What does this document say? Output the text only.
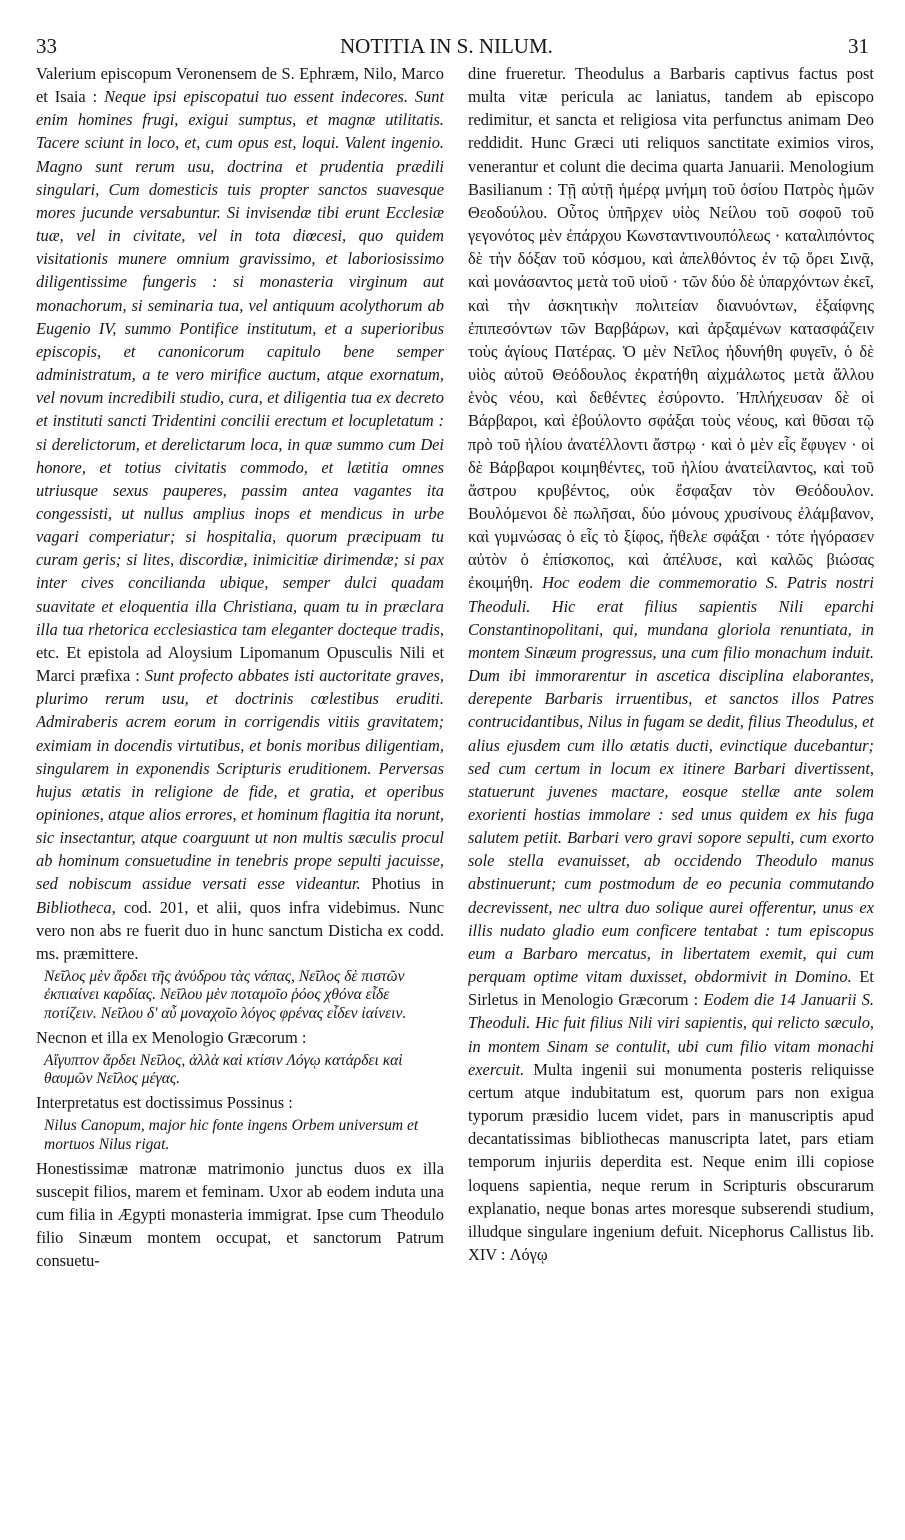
33	NOTITIA IN S. NILUM.	31

Valerium episcopum Veronensem de S. Ephræm, Nilo, Marco et Isaia : Neque ipsi episcopatui tuo essent indecores. Sunt enim homines frugi, exigui sumptus, et magnæ utilitatis. Tacere sciunt in loco, et, cum opus est, loqui. Valent ingenio. Magno sunt rerum usu, doctrina et prudentia prædili singulari, Cum domesticis tuis propter sanctos suavesque mores jucunde versabuntur. Si invisendæ tibi erunt Ecclesiæ tuæ, vel in civitate, vel in tota diœcesi, quo quidem visitationis munere omnium gravissimo, et laboriosissimo diligentissime fungeris : si monasteria virginum aut monachorum, si seminaria tua, vel antiquum acolythorum ab Eugenio IV, summo Pontifice institutum, et a superioribus episcopis, et canonicorum capitulo bene semper administratum, a te vero mirifice auctum, atque exornatum, vel novum incredibili studio, cura, et diligentia tua ex decreto et instituti sancti Tridentini concilii erectum et locupletatum : si derelictorum, et derelictarum loca, in quæ summo cum Dei honore, et totius civitatis commodo, et lætitia omnes utriusque sexus pauperes, passim antea vagantes ita congessisti, ut nullus amplius inops et mendicus in urbe vagari comperiatur; si hospitalia, quorum præcipuam tu curam geris; si lites, discordiæ, inimicitiæ dirimendæ; si pax inter cives concilianda ubique, semper dulci quadam suavitate et eloquentia illa Christiana, quam tu in præclara illa tua rhetorica ecclesiastica tam eleganter docteque tradis, etc. Et epistola ad Aloysium Lipomanum Opusculis Nili et Marci præfixa : Sunt profecto abbates isti auctoritate graves, plurimo rerum usu, et doctrinis cœlestibus eruditi. Admiraberis acrem eorum in corrigendis vitiis gravitatem; eximiam in docendis virtutibus, et bonis moribus diligentiam, singularem in exponendis Scripturis eruditionem. Perversas hujus ætatis in religione de fide, et gratia, et operibus opiniones, atque alios errores, et hominum flagitia ita norunt, sic insectantur, atque coarguunt ut non multis sæculis procul ab hominum consuetudine in tenebris prope sepulti jacuisse, sed nobiscum assidue versati esse videantur. Photius in Bibliotheca, cod. 201, et alii, quos infra videbimus. Nunc vero non abs re fuerit duo in hunc sanctum Disticha ex codd. ms. præmittere.

Νεῖλος μὲν ἄρδει τῆς ἀνύδρου τὰς νάπας, Νεῖλος δὲ πιστῶν ἐκπιαίνει καρδίας. Νεῖλου μὲν ποταμοῖο ῥόος χθόνα εἶδε ποτίζειν. Νεῖλου δ' αὖ μοναχοῖο λόγος φρένας εἶδεν ἰαίνειν.

Necnon et illa ex Menologio Græcorum :

Αἴγυπτον ἄρδει Νεῖλος, ἀλλὰ καὶ κτίσιν Λόγῳ κατάρδει καὶ θαυμῶν Νεῖλος μέγας.

Interpretatus est doctissimus Possinus :

Nilus Canopum, major hic fonte ingens Orbem universum et mortuos Nilus rigat.

Honestissimæ matronæ matrimonio junctus duos ex illa suscepit filios, marem et feminam. Uxor ab eodem induta una cum filia in Ægypti monasteria immigrat. Ipse cum Theodulo filio Sinæum montem occupat, et sanctorum Patrum consuetu-

dine frueretur. Theodulus a Barbaris captivus factus post multa vitæ pericula ac laniatus, tandem ab episcopo redimitur, et sancta et religiosa vita perfunctus animam Deo reddidit. Hunc Græci uti reliquos sanctitate eximios viros, venerantur et colunt die decima quarta Januarii. Menologium Basilianum : Τῇ αὐτῇ ἡμέρᾳ μνήμη τοῦ ὁσίου Πατρὸς ἡμῶν Θεοδούλου. Οὗτος ὑπῆρχεν υἱὸς Νείλου τοῦ σοφοῦ τοῦ γεγονότος μὲν ἐπάρχου Κωνσταντινουπόλεως · καταλιπόντος δὲ τὴν δόξαν τοῦ κόσμου, καὶ ἀπελθόντος ἐν τῷ ὄρει Σινᾷ, καὶ μονάσαντος μετὰ τοῦ υἱοῦ · τῶν δύο δὲ ὑπαρχόντων ἐκεῖ, καὶ τὴν ἀσκητικὴν πολιτείαν διανυόντων, ἐξαίφνης ἐπιπεσόντων τῶν Βαρβάρων, καὶ ἀρξαμένων κατασφάζειν τοὺς ἁγίους Πατέρας. Ὁ μὲν Νεῖλος ἠδυνήθη φυγεῖν, ὁ δὲ υἱὸς αὐτοῦ Θεόδουλος ἐκρατήθη αἰχμάλωτος μετὰ ἄλλου ἑνὸς νέου, καὶ δεθέντες ἐσύροντο. Ἠπλήχευσαν δὲ οἱ Βάρβαροι, καὶ ἐβούλοντο σφάξαι τοὺς νέους, καὶ θῦσαι τῷ πρὸ τοῦ ἡλίου ἀνατέλλοντι ἄστρῳ · καὶ ὁ μὲν εἷς ἔφυγεν · οἱ δὲ Βάρβαροι κοιμηθέντες, τοῦ ἡλίου ἀνατείλαντος, καὶ τοῦ ἄστρου κρυβέντος, οὐκ ἔσφαξαν τὸν Θεόδουλον. Βουλόμενοι δὲ πωλῆσαι, δύο μόνους χρυσίνους ἐλάμβανον, καὶ γυμνώσας ὁ εἷς τὸ ξίφος, ἤθελε σφάξαι · τότε ἠγόρασεν αὐτὸν ὁ ἐπίσκοπος, καὶ ἀπέλυσε, καὶ καλῶς βιώσας ἐκοιμήθη. Hoc eodem die commemoratio S. Patris nostri Theoduli. Hic erat filius sapientis Nili eparchi Constantinopolitani, qui, mundana gloriola renuntiata, in montem Sinæum progressus, una cum filio monachum induit. Dum ibi immorarentur in ascetica disciplina elaborantes, derepente Barbaris irruentibus, et sanctos illos Patres contrucidantibus, Nilus in fugam se dedit, filius Theodulus, et alius ejusdem cum illo ætatis ducti, evinctique ducebantur; sed cum certum in locum ex itinere Barbari divertissent, statuerunt juvenes mactare, eosque stellæ ante solem exorienti hostias immolare : sed unus quidem ex his fuga salutem petiit. Barbari vero gravi sopore sepulti, cum exorto sole stella evanuisset, ab occidendo Theodulo manus abstinuerunt; cum postmodum de eo pecunia commutando decrevissent, nec ultra duo solique aurei offerentur, unus ex illis nudato gladio eum conficere tentabat : tum episcopus eum a Barbaro mercatus, in libertatem exemit, qui cum perquam optime vitam duxisset, obdormivit in Domino. Et Sirletus in Menologio Græcorum : Eodem die 14 Januarii S. Theoduli. Hic fuit filius Nili viri sapientis, qui relicto sæculo, in montem Sinam se contulit, ubi cum filio vitam monachi exercuit. Multa ingenii sui monumenta posteris reliquisse certum atque indubitatum est, quorum pars non exigua typorum præsidio lucem videt, pars in manuscriptis apud decantatissimas bibliothecas manuscripta latet, pars etiam temporum injuriis deperdita est. Neque enim illi copiose loquens sapientia, neque rerum in Scripturis obscurarum explanatio, neque bonas artes moresque subserendi studium, illudque singulare ingenium defuit. Nicephorus Callistus lib. XIV : Λόγῳ
